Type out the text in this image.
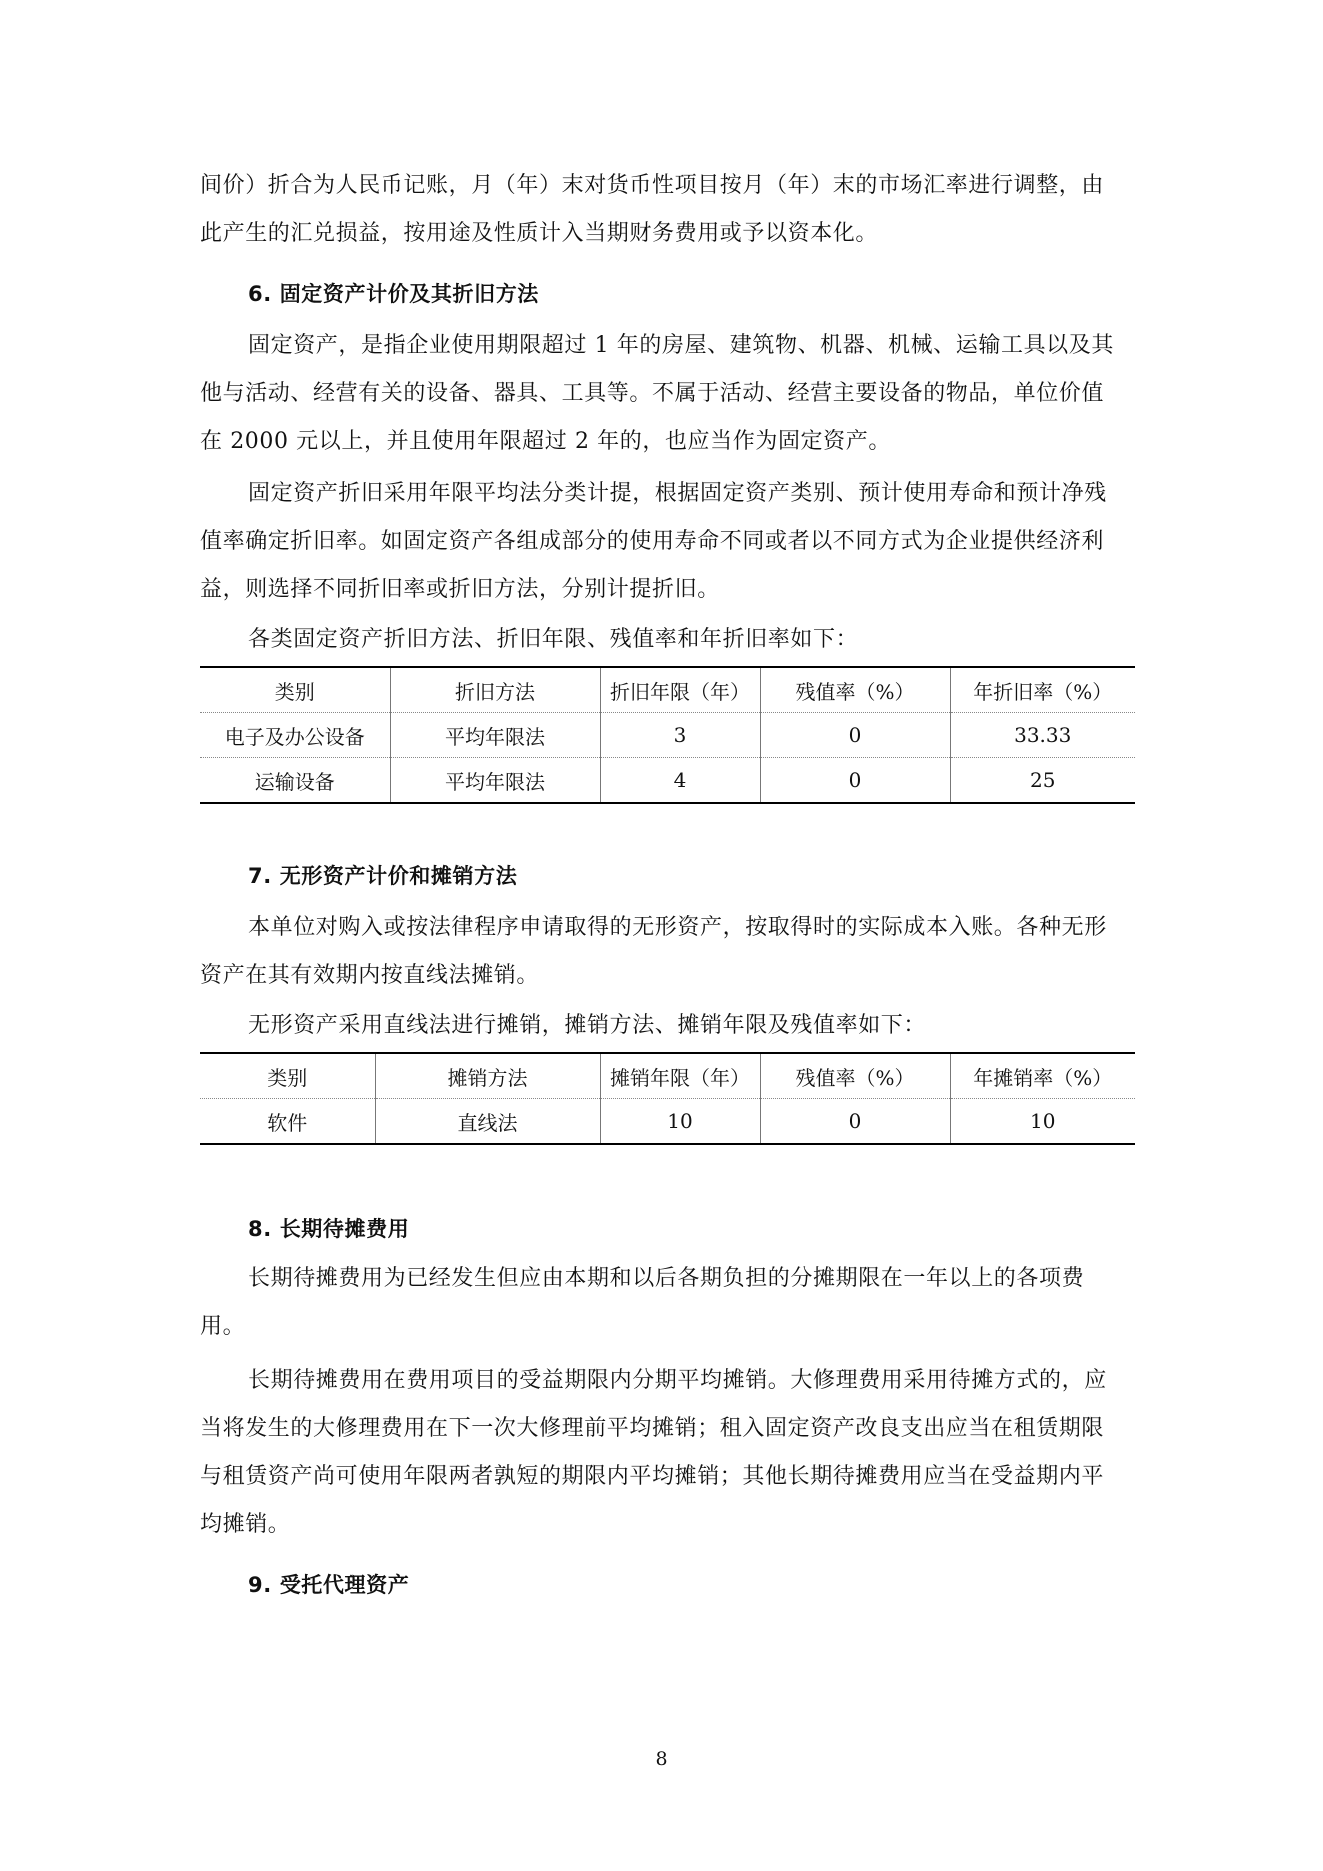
间价）折合为人民币记账，月（年）末对货币性项目按月（年）末的市场汇率进行调整，由

此产生的汇兑损益，按用途及性质计入当期财务费用或予以资本化。

6. 固定资产计价及其折旧方法

固定资产，是指企业使用期限超过 1 年的房屋、建筑物、机器、机械、运输工具以及其

他与活动、经营有关的设备、器具、工具等。不属于活动、经营主要设备的物品，单位价值

在 2000 元以上，并且使用年限超过 2 年的，也应当作为固定资产。

固定资产折旧采用年限平均法分类计提，根据固定资产类别、预计使用寿命和预计净残

值率确定折旧率。如固定资产各组成部分的使用寿命不同或者以不同方式为企业提供经济利

益，则选择不同折旧率或折旧方法，分别计提折旧。

各类固定资产折旧方法、折旧年限、残值率和年折旧率如下：

类别	折旧方法	折旧年限（年）	残值率（%）	年折旧率（%）
电子及办公设备	平均年限法	3	0	33.33
运输设备	平均年限法	4	0	25

7. 无形资产计价和摊销方法

本单位对购入或按法律程序申请取得的无形资产，按取得时的实际成本入账。各种无形

资产在其有效期内按直线法摊销。

无形资产采用直线法进行摊销，摊销方法、摊销年限及残值率如下：

类别	摊销方法	摊销年限（年）	残值率（%）	年摊销率（%）
软件	直线法	10	0	10

8. 长期待摊费用

长期待摊费用为已经发生但应由本期和以后各期负担的分摊期限在一年以上的各项费

用。

长期待摊费用在费用项目的受益期限内分期平均摊销。大修理费用采用待摊方式的，应

当将发生的大修理费用在下一次大修理前平均摊销；租入固定资产改良支出应当在租赁期限

与租赁资产尚可使用年限两者孰短的期限内平均摊销；其他长期待摊费用应当在受益期内平

均摊销。

9. 受托代理资产

8
